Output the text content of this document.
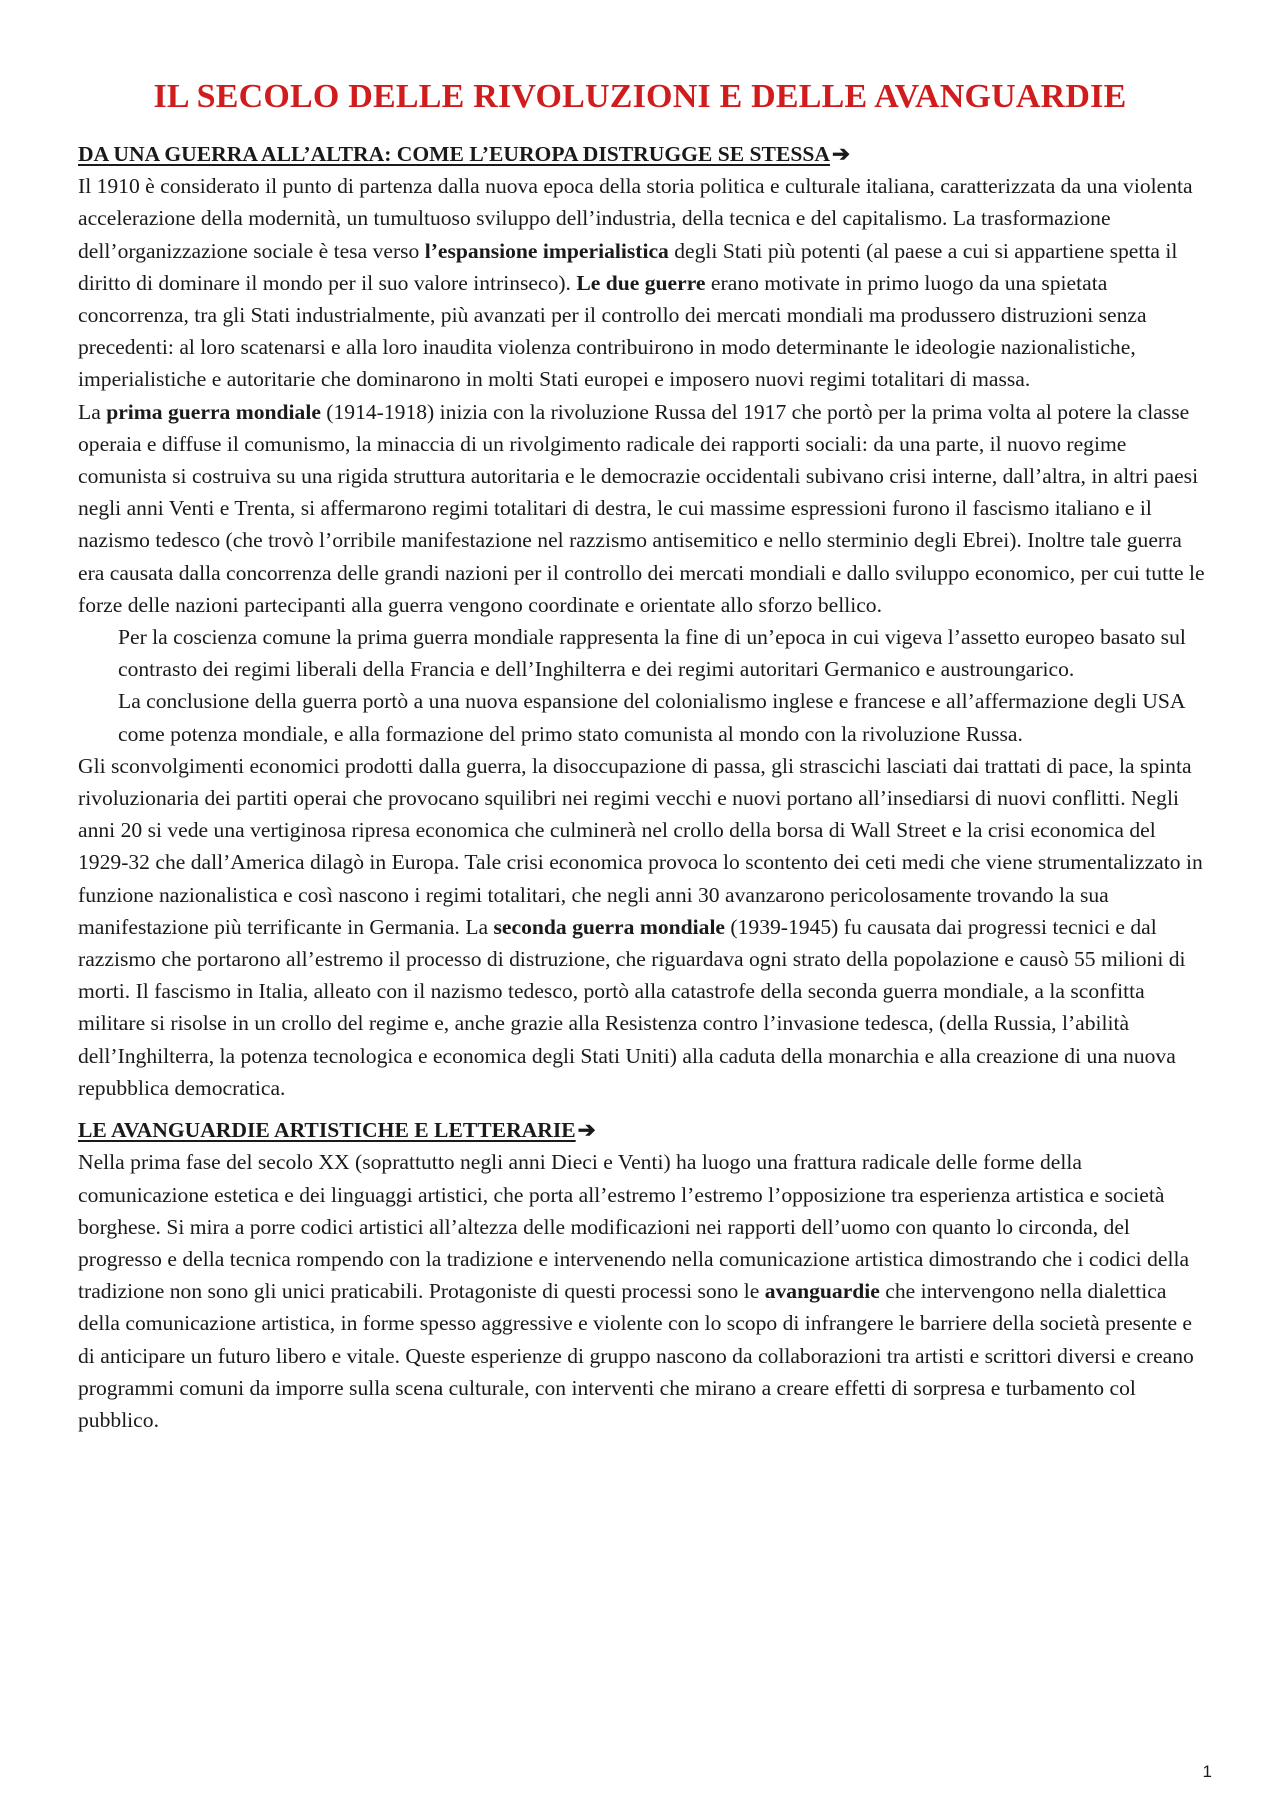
IL SECOLO DELLE RIVOLUZIONI E DELLE AVANGUARDIE
DA UNA GUERRA ALL’ALTRA: COME L’EUROPA DISTRUGGE SE STESSA➔

Il 1910 è considerato il punto di partenza dalla nuova epoca della storia politica e culturale italiana, caratterizzata da una violenta accelerazione della modernità, un tumultuoso sviluppo dell’industria, della tecnica e del capitalismo. La trasformazione dell’organizzazione sociale è tesa verso l’espansione imperialistica degli Stati più potenti (al paese a cui si appartiene spetta il diritto di dominare il mondo per il suo valore intrinseco). Le due guerre erano motivate in primo luogo da una spietata concorrenza, tra gli Stati industrialmente, più avanzati per il controllo dei mercati mondiali ma produssero distruzioni senza precedenti: al loro scatenarsi e alla loro inaudita violenza contribuirono in modo determinante le ideologie nazionalistiche, imperialistiche e autoritarie che dominarono in molti Stati europei e imposero nuovi regimi totalitari di massa.

La prima guerra mondiale (1914-1918) inizia con la rivoluzione Russa del 1917 che portò per la prima volta al potere la classe operaia e diffuse il comunismo, la minaccia di un rivolgimento radicale dei rapporti sociali: da una parte, il nuovo regime comunista si costruiva su una rigida struttura autoritaria e le democrazie occidentali subivano crisi interne, dall’altra, in altri paesi negli anni Venti e Trenta, si affermarono regimi totalitari di destra, le cui massime espressioni furono il fascismo italiano e il nazismo tedesco (che trovò l’orribile manifestazione nel razzismo antisemitico e nello sterminio degli Ebrei). Inoltre tale guerra era causata dalla concorrenza delle grandi nazioni per il controllo dei mercati mondiali e dallo sviluppo economico, per cui tutte le forze delle nazioni partecipanti alla guerra vengono coordinate e orientate allo sforzo bellico.

Per la coscienza comune la prima guerra mondiale rappresenta la fine di un’epoca in cui vigeva l’assetto europeo basato sul contrasto dei regimi liberali della Francia e dell’Inghilterra e dei regimi autoritari Germanico e austroungarico.

La conclusione della guerra portò a una nuova espansione del colonialismo inglese e francese e all’affermazione degli USA come potenza mondiale, e alla formazione del primo stato comunista al mondo con la rivoluzione Russa.

Gli sconvolgimenti economici prodotti dalla guerra, la disoccupazione di passa, gli strascichi lasciati dai trattati di pace, la spinta rivoluzionaria dei partiti operai che provocano squilibri nei regimi vecchi e nuovi portano all’insediarsi di nuovi conflitti. Negli anni 20 si vede una vertiginosa ripresa economica che culminerà nel crollo della borsa di Wall Street e la crisi economica del 1929-32 che dall’America dilagò in Europa. Tale crisi economica provoca lo scontento dei ceti medi che viene strumentalizzato in funzione nazionalistica e così nascono i regimi totalitari, che negli anni 30 avanzarono pericolosamente trovando la sua manifestazione più terrificante in Germania. La seconda guerra mondiale (1939-1945) fu causata dai progressi tecnici e dal razzismo che portarono all’estremo il processo di distruzione, che riguardava ogni strato della popolazione e causò 55 milioni di morti. Il fascismo in Italia, alleato con il nazismo tedesco, portò alla catastrofe della seconda guerra mondiale, a la sconfitta militare si risolse in un crollo del regime e, anche grazie alla Resistenza contro l’invasione tedesca, (della Russia, l’abilità dell’Inghilterra, la potenza tecnologica e economica degli Stati Uniti) alla caduta della monarchia e alla creazione di una nuova repubblica democratica.

LE AVANGUARDIE ARTISTICHE E LETTERARIE➔

Nella prima fase del secolo XX (soprattutto negli anni Dieci e Venti) ha luogo una frattura radicale delle forme della comunicazione estetica e dei linguaggi artistici, che porta all’estremo l’estremo l’opposizione tra esperienza artistica e società borghese. Si mira a porre codici artistici all’altezza delle modificazioni nei rapporti dell’uomo con quanto lo circonda, del progresso e della tecnica rompendo con la tradizione e intervenendo nella comunicazione artistica dimostrando che i codici della tradizione non sono gli unici praticabili. Protagoniste di questi processi sono le avanguardie che intervengono nella dialettica della comunicazione artistica, in forme spesso aggressive e violente con lo scopo di infrangere le barriere della società presente e di anticipare un futuro libero e vitale. Queste esperienze di gruppo nascono da collaborazioni tra artisti e scrittori diversi e creano programmi comuni da imporre sulla scena culturale, con interventi che mirano a creare effetti di sorpresa e turbamento col pubblico.

1
